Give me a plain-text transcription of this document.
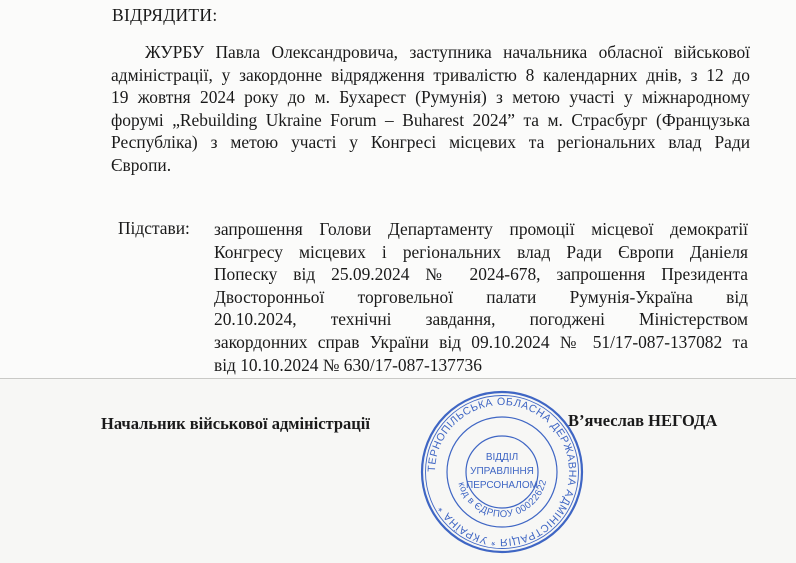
ВІДРЯДИТИ:
ЖУРБУ Павла Олександровича, заступника начальника обласної військової
адміністрації, у закордонне відрядження тривалістю 8 календарних днів, з 12 до
19 жовтня 2024 року до м. Бухарест (Румунія) з метою участі у міжнародному
форумі „Rebuilding Ukraine Forum – Buharest 2024” та м. Страсбург (Французька
Республіка) з метою участі у Конгресі місцевих та регіональних влад Ради
Європи.
Підстави: запрошення Голови Департаменту промоції місцевої демократії
Конгресу місцевих і регіональних влад Ради Європи Даніеля
Попеску від 25.09.2024 № 2024-678, запрошення Президента
Двосторонньої торговельної палати Румунія-Україна від
20.10.2024, технічні завдання, погоджені Міністерством
закордонних справ України від 09.10.2024 № 51/17-087-137082 та
від 10.10.2024 № 630/17-087-137736
Начальник військової адміністрації	В’ячеслав НЕГОДА
ТЕРНОПІЛЬСЬКА ОБЛАСНА ДЕРЖАВНА АДМІНІСТРАЦІЯ * УКРАЇНА *
код в ЄДРПОУ 00022622
ВІДДІЛ
УПРАВЛІННЯ
ПЕРСОНАЛОМ
